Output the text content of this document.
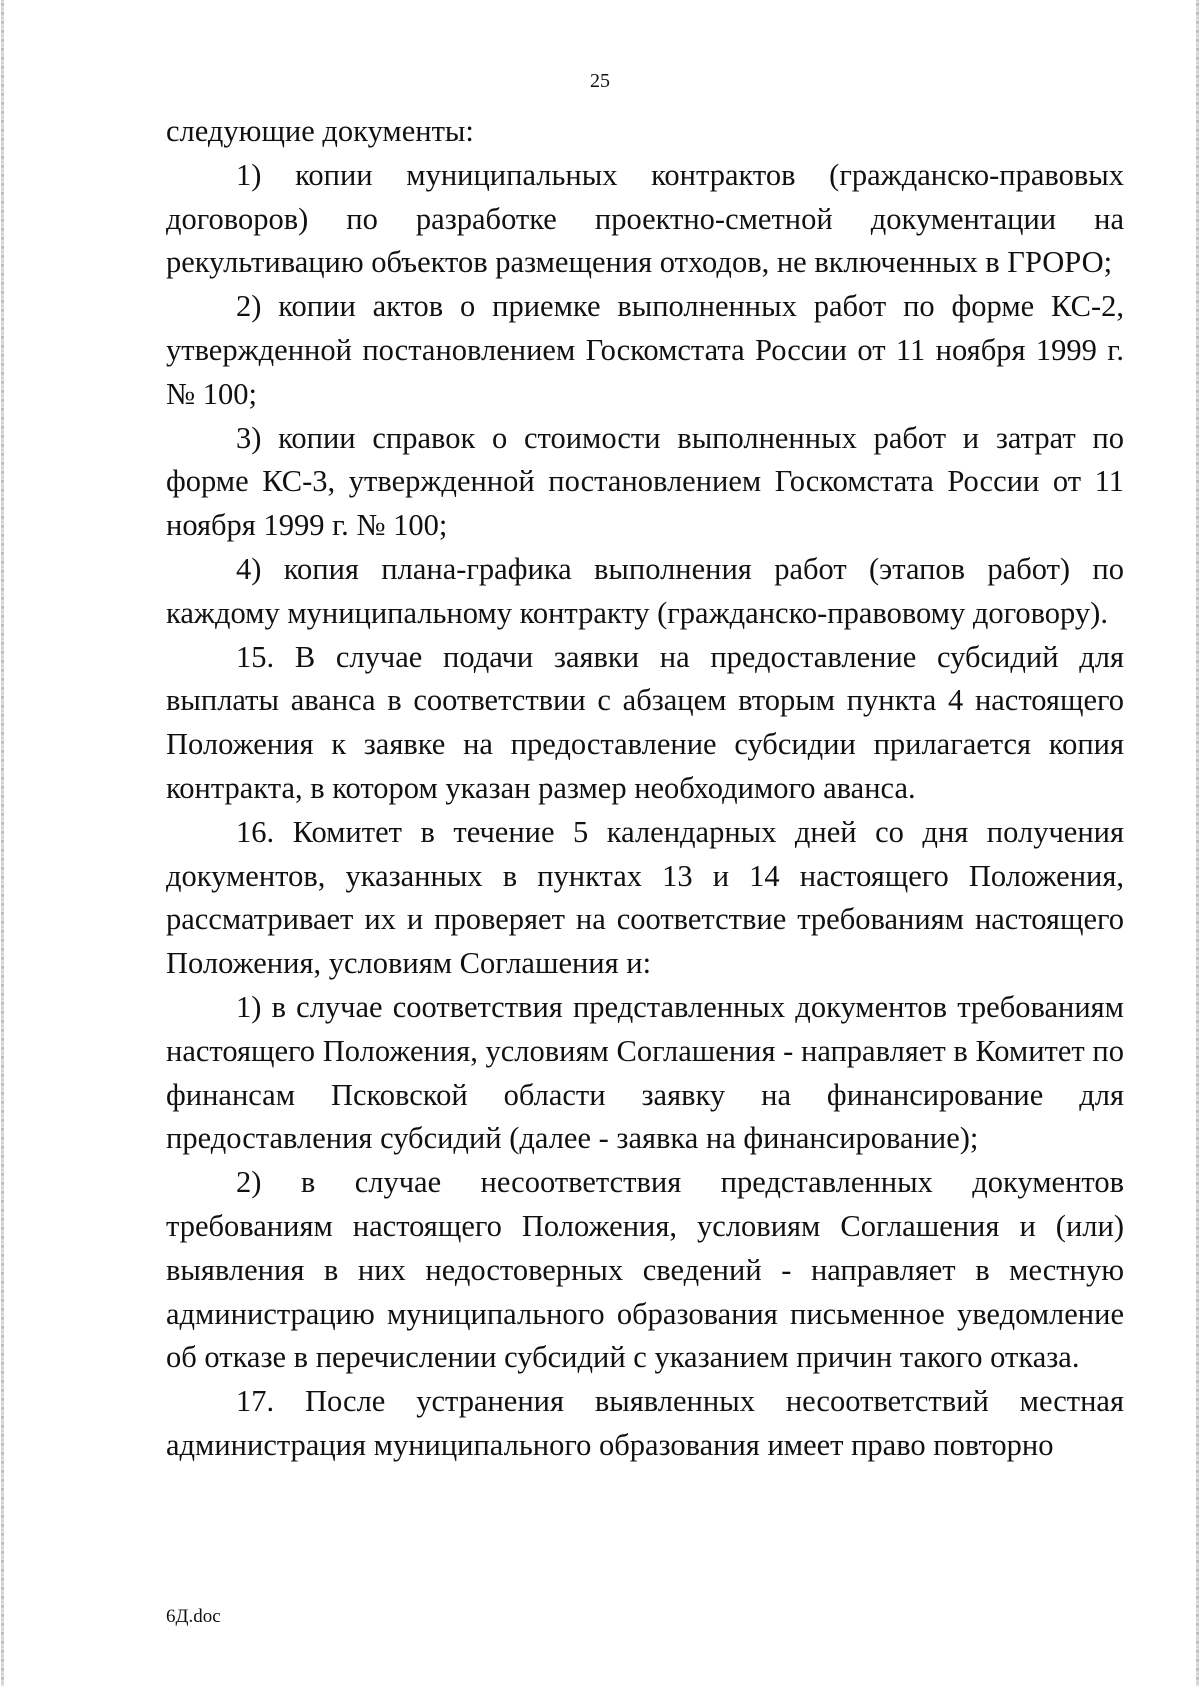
25

следующие документы:

1) копии муниципальных контрактов (гражданско-правовых договоров) по разработке проектно-сметной документации на рекультивацию объектов размещения отходов, не включенных в ГРОРО;

2) копии актов о приемке выполненных работ по форме КС-2, утвержденной постановлением Госкомстата России от 11 ноября 1999 г. № 100;

3) копии справок о стоимости выполненных работ и затрат по форме КС-3, утвержденной постановлением Госкомстата России от 11 ноября 1999 г. № 100;

4) копия плана-графика выполнения работ (этапов работ) по каждому муниципальному контракту (гражданско-правовому договору).

15. В случае подачи заявки на предоставление субсидий для выплаты аванса в соответствии с абзацем вторым пункта 4 настоящего Положения к заявке на предоставление субсидии прилагается копия контракта, в котором указан размер необходимого аванса.

16. Комитет в течение 5 календарных дней со дня получения документов, указанных в пунктах 13 и 14 настоящего Положения, рассматривает их и проверяет на соответствие требованиям настоящего Положения, условиям Соглашения и:

1) в случае соответствия представленных документов требованиям настоящего Положения, условиям Соглашения - направляет в Комитет по финансам Псковской области заявку на финансирование для предоставления субсидий (далее - заявка на финансирование);

2) в случае несоответствия представленных документов требованиям настоящего Положения, условиям Соглашения и (или) выявления в них недостоверных сведений - направляет в местную администрацию муниципального образования письменное уведомление об отказе в перечислении субсидий с указанием причин такого отказа.

17. После устранения выявленных несоответствий местная администрация муниципального образования имеет право повторно

6Д.doc
